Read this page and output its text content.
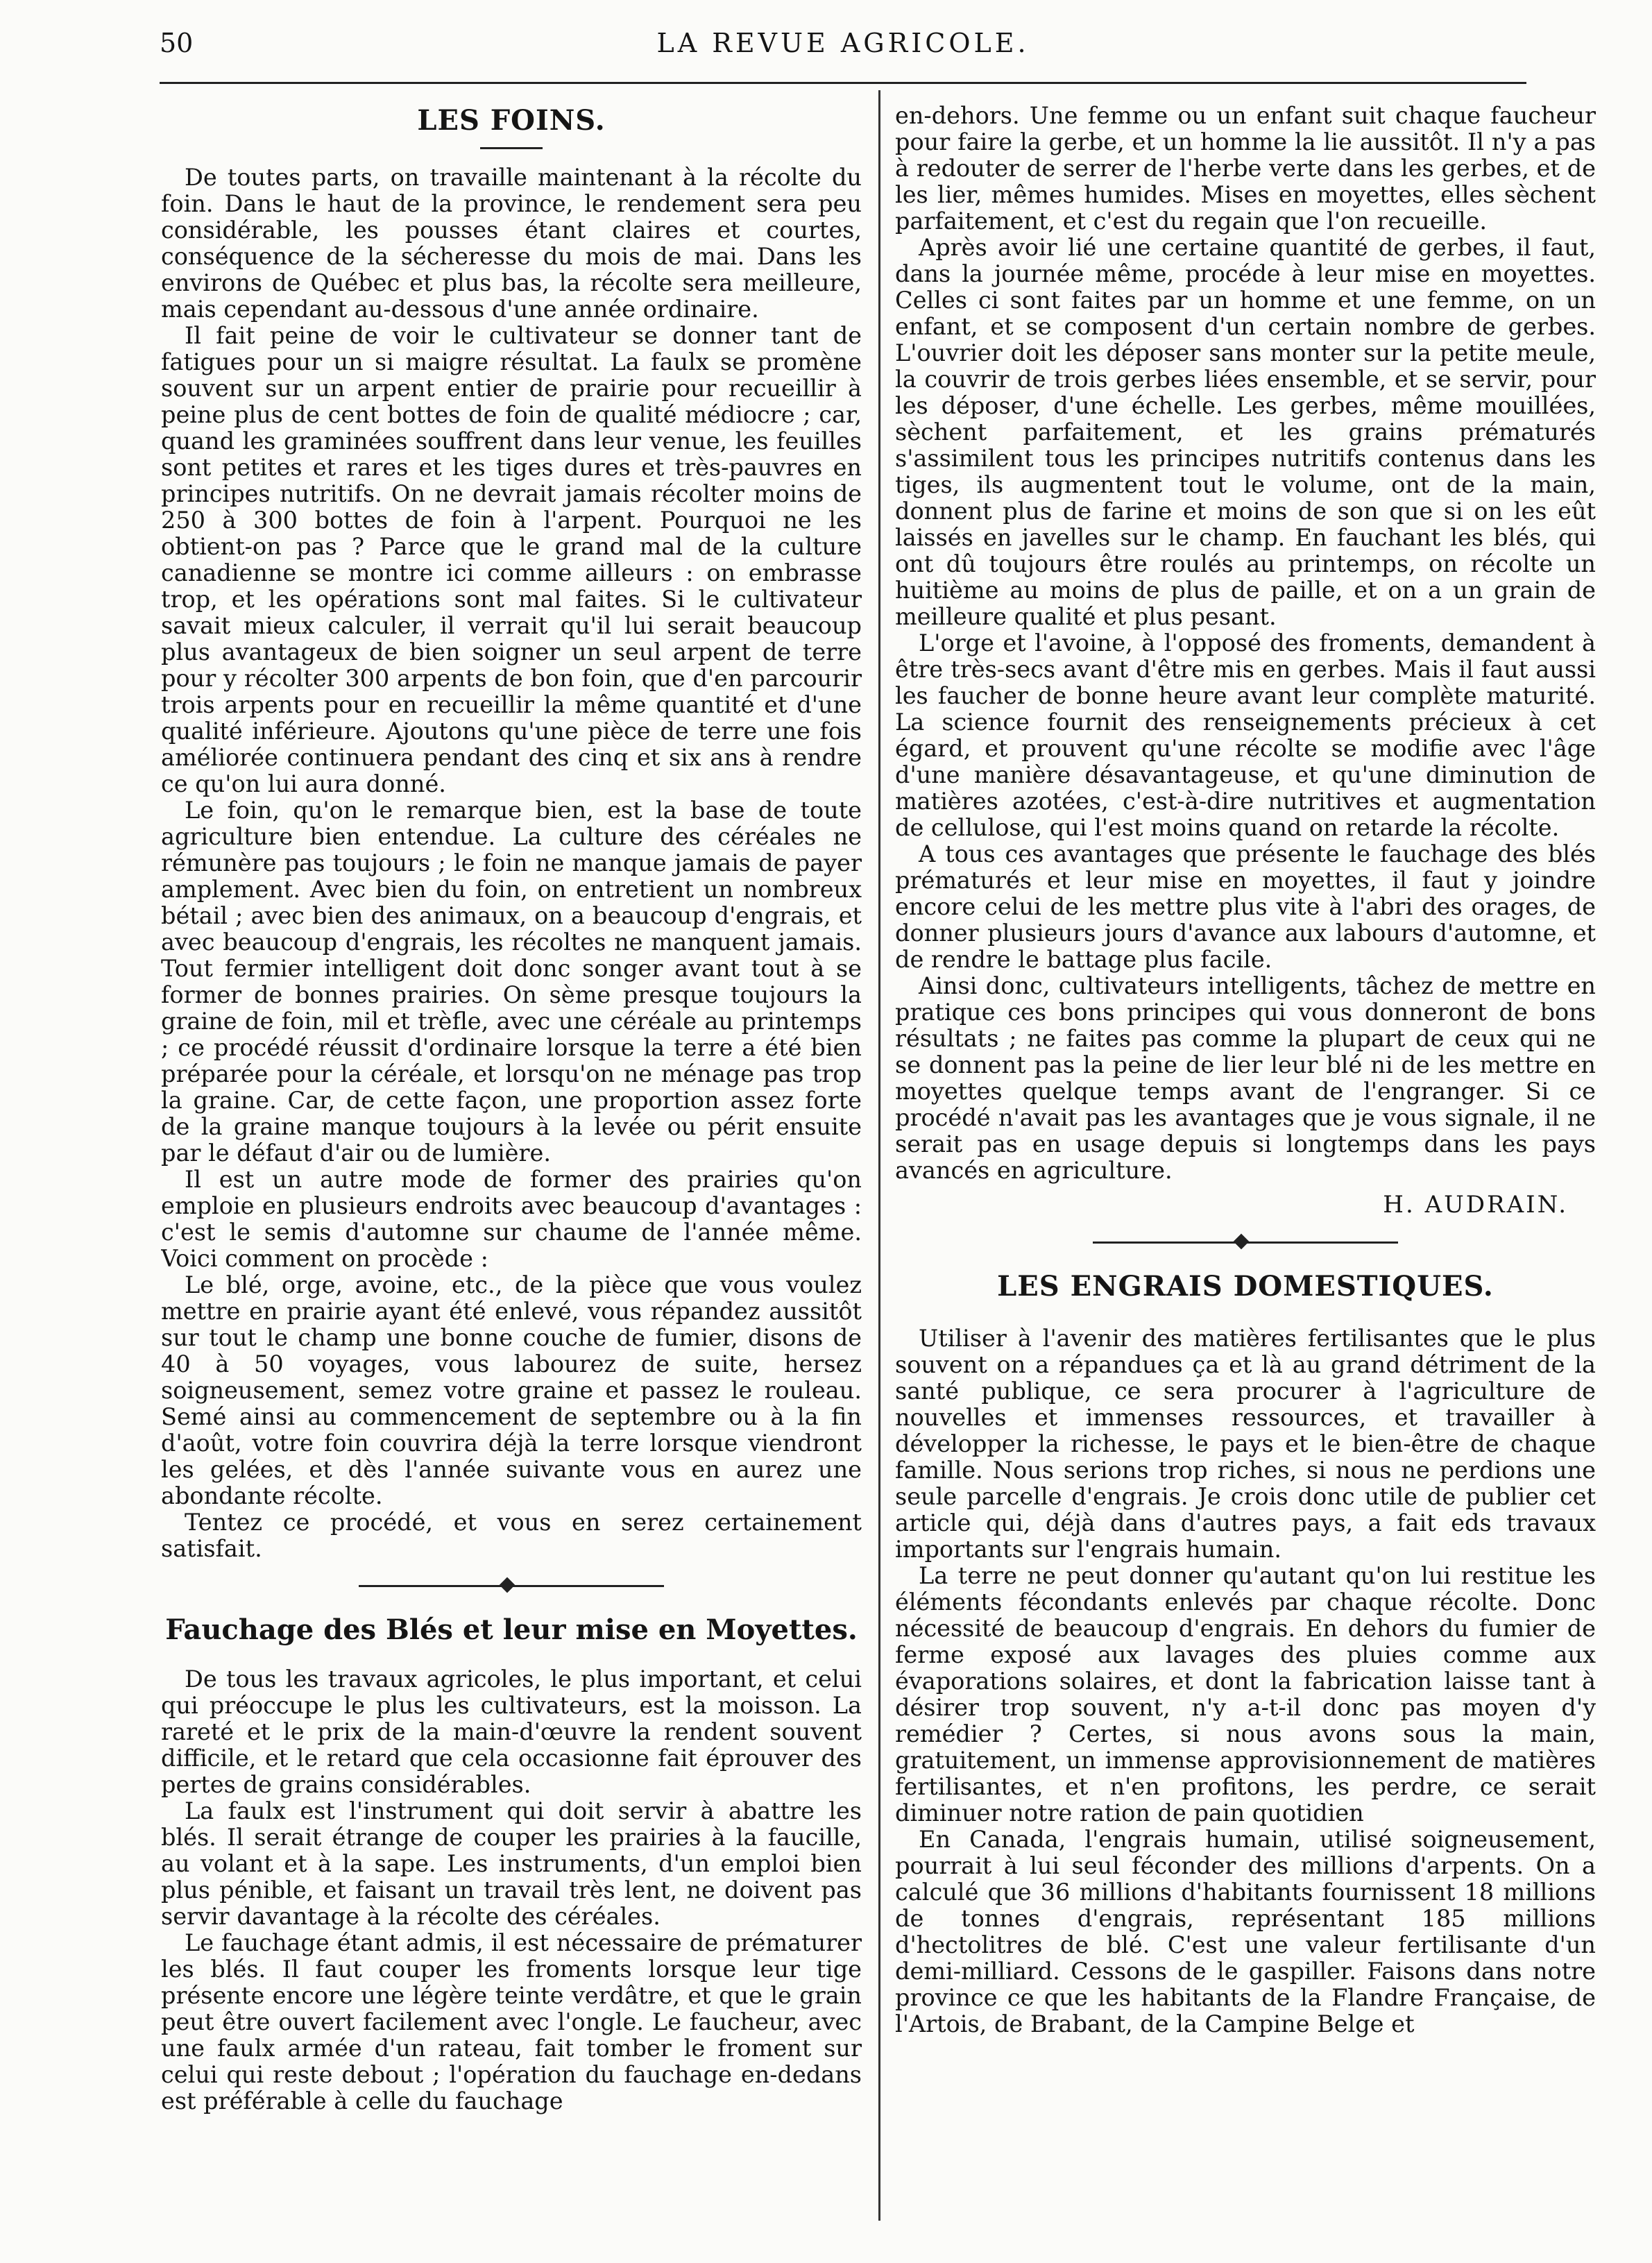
50	LA REVUE AGRICOLE.
LES FOINS.

De toutes parts, on travaille maintenant à la récolte du foin. Dans le haut de la province, le rendement sera peu considérable, les pousses étant claires et courtes, conséquence de la sécheresse du mois de mai. Dans les environs de Québec et plus bas, la récolte sera meilleure, mais cependant au-dessous d'une année ordinaire.

Il fait peine de voir le cultivateur se donner tant de fatigues pour un si maigre résultat. La faulx se promène souvent sur un arpent entier de prairie pour recueillir à peine plus de cent bottes de foin de qualité médiocre ; car, quand les graminées souffrent dans leur venue, les feuilles sont petites et rares et les tiges dures et très-pauvres en principes nutritifs. On ne devrait jamais récolter moins de 250 à 300 bottes de foin à l'arpent. Pourquoi ne les obtient-on pas ? Parce que le grand mal de la culture canadienne se montre ici comme ailleurs : on embrasse trop, et les opérations sont mal faites. Si le cultivateur savait mieux calculer, il verrait qu'il lui serait beaucoup plus avantageux de bien soigner un seul arpent de terre pour y récolter 300 arpents de bon foin, que d'en parcourir trois arpents pour en recueillir la même quantité et d'une qualité inférieure. Ajoutons qu'une pièce de terre une fois améliorée continuera pendant des cinq et six ans à rendre ce qu'on lui aura donné.

Le foin, qu'on le remarque bien, est la base de toute agriculture bien entendue. La culture des céréales ne rémunère pas toujours ; le foin ne manque jamais de payer amplement. Avec bien du foin, on entretient un nombreux bétail ; avec bien des animaux, on a beaucoup d'engrais, et avec beaucoup d'engrais, les récoltes ne manquent jamais. Tout fermier intelligent doit donc songer avant tout à se former de bonnes prairies. On sème presque toujours la graine de foin, mil et trèfle, avec une céréale au printemps ; ce procédé réussit d'ordinaire lorsque la terre a été bien préparée pour la céréale, et lorsqu'on ne ménage pas trop la graine. Car, de cette façon, une proportion assez forte de la graine manque toujours à la levée ou périt ensuite par le défaut d'air ou de lumière.

Il est un autre mode de former des prairies qu'on emploie en plusieurs endroits avec beaucoup d'avantages : c'est le semis d'automne sur chaume de l'année même. Voici comment on procède :

Le blé, orge, avoine, etc., de la pièce que vous voulez mettre en prairie ayant été enlevé, vous répandez aussitôt sur tout le champ une bonne couche de fumier, disons de 40 à 50 voyages, vous labourez de suite, hersez soigneusement, semez votre graine et passez le rouleau. Semé ainsi au commencement de septembre ou à la fin d'août, votre foin couvrira déjà la terre lorsque viendront les gelées, et dès l'année suivante vous en aurez une abondante récolte.

Tentez ce procédé, et vous en serez certainement satisfait.

Fauchage des Blés et leur mise en Moyettes.

De tous les travaux agricoles, le plus important, et celui qui préoccupe le plus les cultivateurs, est la moisson. La rareté et le prix de la main-d'œuvre la rendent souvent difficile, et le retard que cela occasionne fait éprouver des pertes de grains considérables.

La faulx est l'instrument qui doit servir à abattre les blés. Il serait étrange de couper les prairies à la faucille, au volant et à la sape. Les instruments, d'un emploi bien plus pénible, et faisant un travail très lent, ne doivent pas servir davantage à la récolte des céréales.

Le fauchage étant admis, il est nécessaire de prématurer les blés. Il faut couper les froments lorsque leur tige présente encore une légère teinte verdâtre, et que le grain peut être ouvert facilement avec l'ongle. Le faucheur, avec une faulx armée d'un rateau, fait tomber le froment sur celui qui reste debout ; l'opération du fauchage en-dedans est préférable à celle du fauchage

en-dehors. Une femme ou un enfant suit chaque faucheur pour faire la gerbe, et un homme la lie aussitôt. Il n'y a pas à redouter de serrer de l'herbe verte dans les gerbes, et de les lier, mêmes humides. Mises en moyettes, elles sèchent parfaitement, et c'est du regain que l'on recueille.

Après avoir lié une certaine quantité de gerbes, il faut, dans la journée même, procéde à leur mise en moyettes. Celles ci sont faites par un homme et une femme, on un enfant, et se composent d'un certain nombre de gerbes. L'ouvrier doit les déposer sans monter sur la petite meule, la couvrir de trois gerbes liées ensemble, et se servir, pour les déposer, d'une échelle. Les gerbes, même mouillées, sèchent parfaitement, et les grains prématurés s'assimilent tous les principes nutritifs contenus dans les tiges, ils augmentent tout le volume, ont de la main, donnent plus de farine et moins de son que si on les eût laissés en javelles sur le champ. En fauchant les blés, qui ont dû toujours être roulés au printemps, on récolte un huitième au moins de plus de paille, et on a un grain de meilleure qualité et plus pesant.

L'orge et l'avoine, à l'opposé des froments, demandent à être très-secs avant d'être mis en gerbes. Mais il faut aussi les faucher de bonne heure avant leur complète maturité. La science fournit des renseignements précieux à cet égard, et prouvent qu'une récolte se modifie avec l'âge d'une manière désavantageuse, et qu'une diminution de matières azotées, c'est-à-dire nutritives et augmentation de cellulose, qui l'est moins quand on retarde la récolte.

A tous ces avantages que présente le fauchage des blés prématurés et leur mise en moyettes, il faut y joindre encore celui de les mettre plus vite à l'abri des orages, de donner plusieurs jours d'avance aux labours d'automne, et de rendre le battage plus facile.

Ainsi donc, cultivateurs intelligents, tâchez de mettre en pratique ces bons principes qui vous donneront de bons résultats ; ne faites pas comme la plupart de ceux qui ne se donnent pas la peine de lier leur blé ni de les mettre en moyettes quelque temps avant de l'engranger. Si ce procédé n'avait pas les avantages que je vous signale, il ne serait pas en usage depuis si longtemps dans les pays avancés en agriculture.

H. AUDRAIN.
LES ENGRAIS DOMESTIQUES.

Utiliser à l'avenir des matières fertilisantes que le plus souvent on a répandues ça et là au grand détriment de la santé publique, ce sera procurer à l'agriculture de nouvelles et immenses ressources, et travailler à développer la richesse, le pays et le bien-être de chaque famille. Nous serions trop riches, si nous ne perdions une seule parcelle d'engrais. Je crois donc utile de publier cet article qui, déjà dans d'autres pays, a fait eds travaux importants sur l'engrais humain.

La terre ne peut donner qu'autant qu'on lui restitue les éléments fécondants enlevés par chaque récolte. Donc nécessité de beaucoup d'engrais. En dehors du fumier de ferme exposé aux lavages des pluies comme aux évaporations solaires, et dont la fabrication laisse tant à désirer trop souvent, n'y a-t-il donc pas moyen d'y remédier ? Certes, si nous avons sous la main, gratuitement, un immense approvisionnement de matières fertilisantes, et n'en profitons, les perdre, ce serait diminuer notre ration de pain quotidien

En Canada, l'engrais humain, utilisé soigneusement, pourrait à lui seul féconder des millions d'arpents. On a calculé que 36 millions d'habitants fournissent 18 millions de tonnes d'engrais, représentant 185 millions d'hectolitres de blé. C'est une valeur fertilisante d'un demi-milliard. Cessons de le gaspiller. Faisons dans notre province ce que les habitants de la Flandre Française, de l'Artois, de Brabant, de la Campine Belge et
